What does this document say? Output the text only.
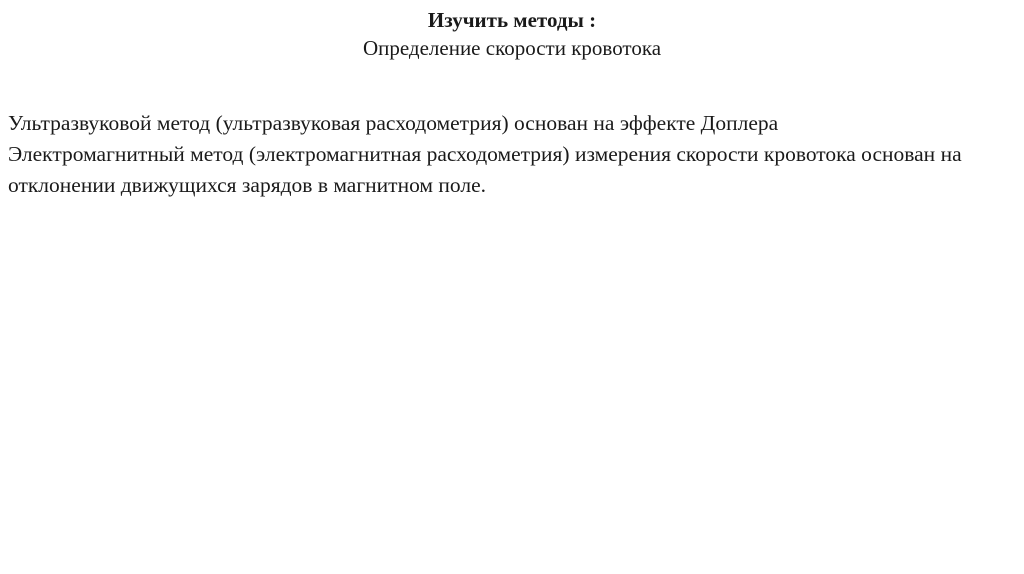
Изучить методы :

Определение скорости кровотока

Ультразвуковой метод (ультразвуковая расходометрия) основан на эффекте Доплера

Электромагнитный метод (электромагнитная расходометрия) измерения скорости кровотока основан на отклонении движущихся зарядов в магнитном поле.
